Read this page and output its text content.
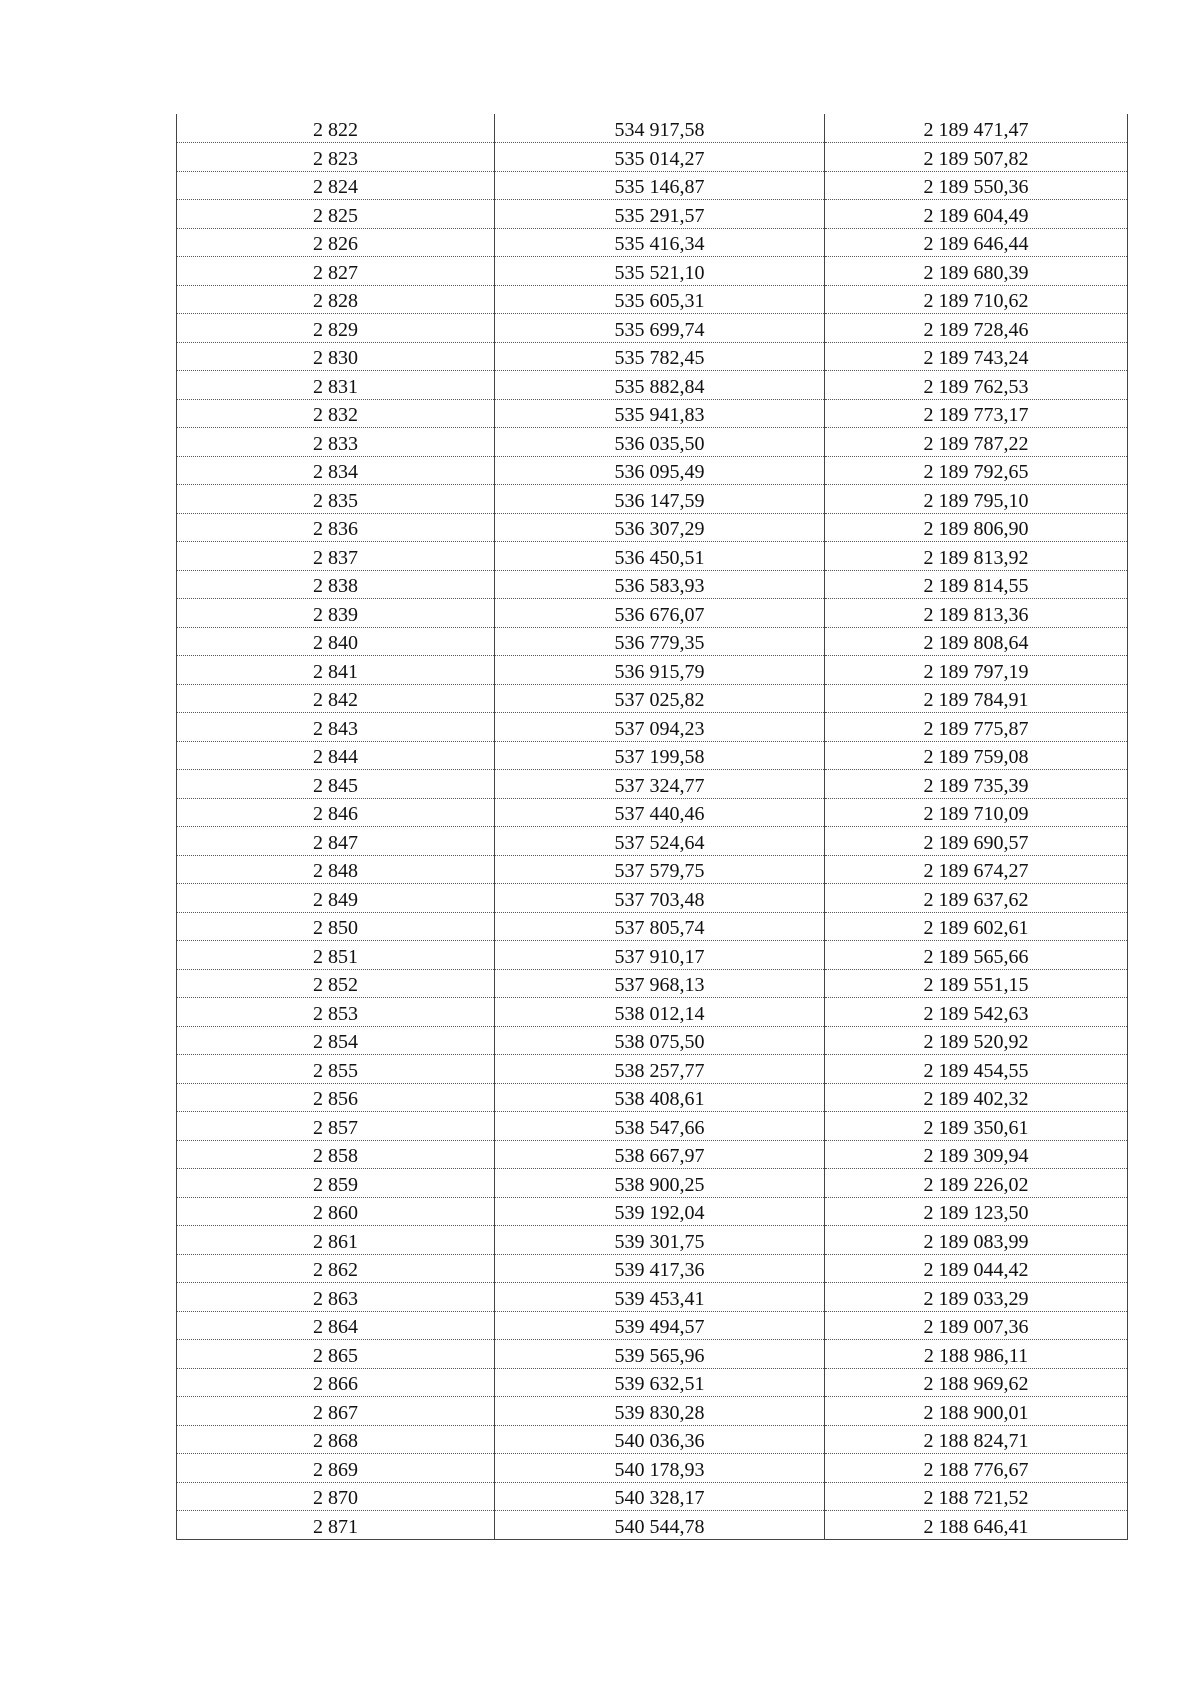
2 822	534 917,58	2 189 471,47
2 823	535 014,27	2 189 507,82
2 824	535 146,87	2 189 550,36
2 825	535 291,57	2 189 604,49
2 826	535 416,34	2 189 646,44
2 827	535 521,10	2 189 680,39
2 828	535 605,31	2 189 710,62
2 829	535 699,74	2 189 728,46
2 830	535 782,45	2 189 743,24
2 831	535 882,84	2 189 762,53
2 832	535 941,83	2 189 773,17
2 833	536 035,50	2 189 787,22
2 834	536 095,49	2 189 792,65
2 835	536 147,59	2 189 795,10
2 836	536 307,29	2 189 806,90
2 837	536 450,51	2 189 813,92
2 838	536 583,93	2 189 814,55
2 839	536 676,07	2 189 813,36
2 840	536 779,35	2 189 808,64
2 841	536 915,79	2 189 797,19
2 842	537 025,82	2 189 784,91
2 843	537 094,23	2 189 775,87
2 844	537 199,58	2 189 759,08
2 845	537 324,77	2 189 735,39
2 846	537 440,46	2 189 710,09
2 847	537 524,64	2 189 690,57
2 848	537 579,75	2 189 674,27
2 849	537 703,48	2 189 637,62
2 850	537 805,74	2 189 602,61
2 851	537 910,17	2 189 565,66
2 852	537 968,13	2 189 551,15
2 853	538 012,14	2 189 542,63
2 854	538 075,50	2 189 520,92
2 855	538 257,77	2 189 454,55
2 856	538 408,61	2 189 402,32
2 857	538 547,66	2 189 350,61
2 858	538 667,97	2 189 309,94
2 859	538 900,25	2 189 226,02
2 860	539 192,04	2 189 123,50
2 861	539 301,75	2 189 083,99
2 862	539 417,36	2 189 044,42
2 863	539 453,41	2 189 033,29
2 864	539 494,57	2 189 007,36
2 865	539 565,96	2 188 986,11
2 866	539 632,51	2 188 969,62
2 867	539 830,28	2 188 900,01
2 868	540 036,36	2 188 824,71
2 869	540 178,93	2 188 776,67
2 870	540 328,17	2 188 721,52
2 871	540 544,78	2 188 646,41
